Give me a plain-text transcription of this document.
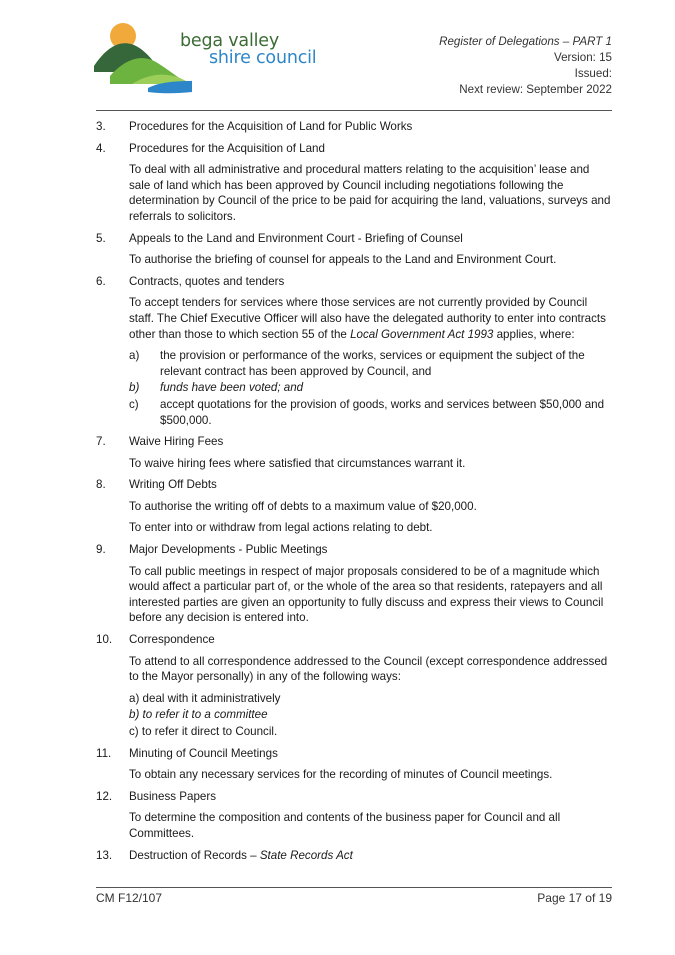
bega valley
shire council
Register of Delegations – PART 1
Version: 15
Issued:
Next review: September 2022
3. Procedures for the Acquisition of Land for Public Works

4. Procedures for the Acquisition of Land

To deal with all administrative and procedural matters relating to the acquisition’ lease and sale of land which has been approved by Council including negotiations following the determination by Council of the price to be paid for acquiring the land, valuations, surveys and referrals to solicitors.

5. Appeals to the Land and Environment Court - Briefing of Counsel

To authorise the briefing of counsel for appeals to the Land and Environment Court.

6. Contracts, quotes and tenders

To accept tenders for services where those services are not currently provided by Council staff. The Chief Executive Officer will also have the delegated authority to enter into contracts other than those to which section 55 of the Local Government Act 1993 applies, where:

a) the provision or performance of the works, services or equipment the subject of the relevant contract has been approved by Council, and
b) funds have been voted; and
c) accept quotations for the provision of goods, works and services between $50,000 and $500,000.
7. Waive Hiring Fees

To waive hiring fees where satisfied that circumstances warrant it.

8. Writing Off Debts

To authorise the writing off of debts to a maximum value of $20,000.

To enter into or withdraw from legal actions relating to debt.

9. Major Developments - Public Meetings

To call public meetings in respect of major proposals considered to be of a magnitude which would affect a particular part of, or the whole of the area so that residents, ratepayers and all interested parties are given an opportunity to fully discuss and express their views to Council before any decision is entered into.

10. Correspondence

To attend to all correspondence addressed to the Council (except correspondence addressed to the Mayor personally) in any of the following ways:

a) deal with it administratively
b) to refer it to a committee
c) to refer it direct to Council.
11. Minuting of Council Meetings

To obtain any necessary services for the recording of minutes of Council meetings.

12. Business Papers

To determine the composition and contents of the business paper for Council and all Committees.

13. Destruction of Records – State Records Act

CM F12/107	Page 17 of 19
